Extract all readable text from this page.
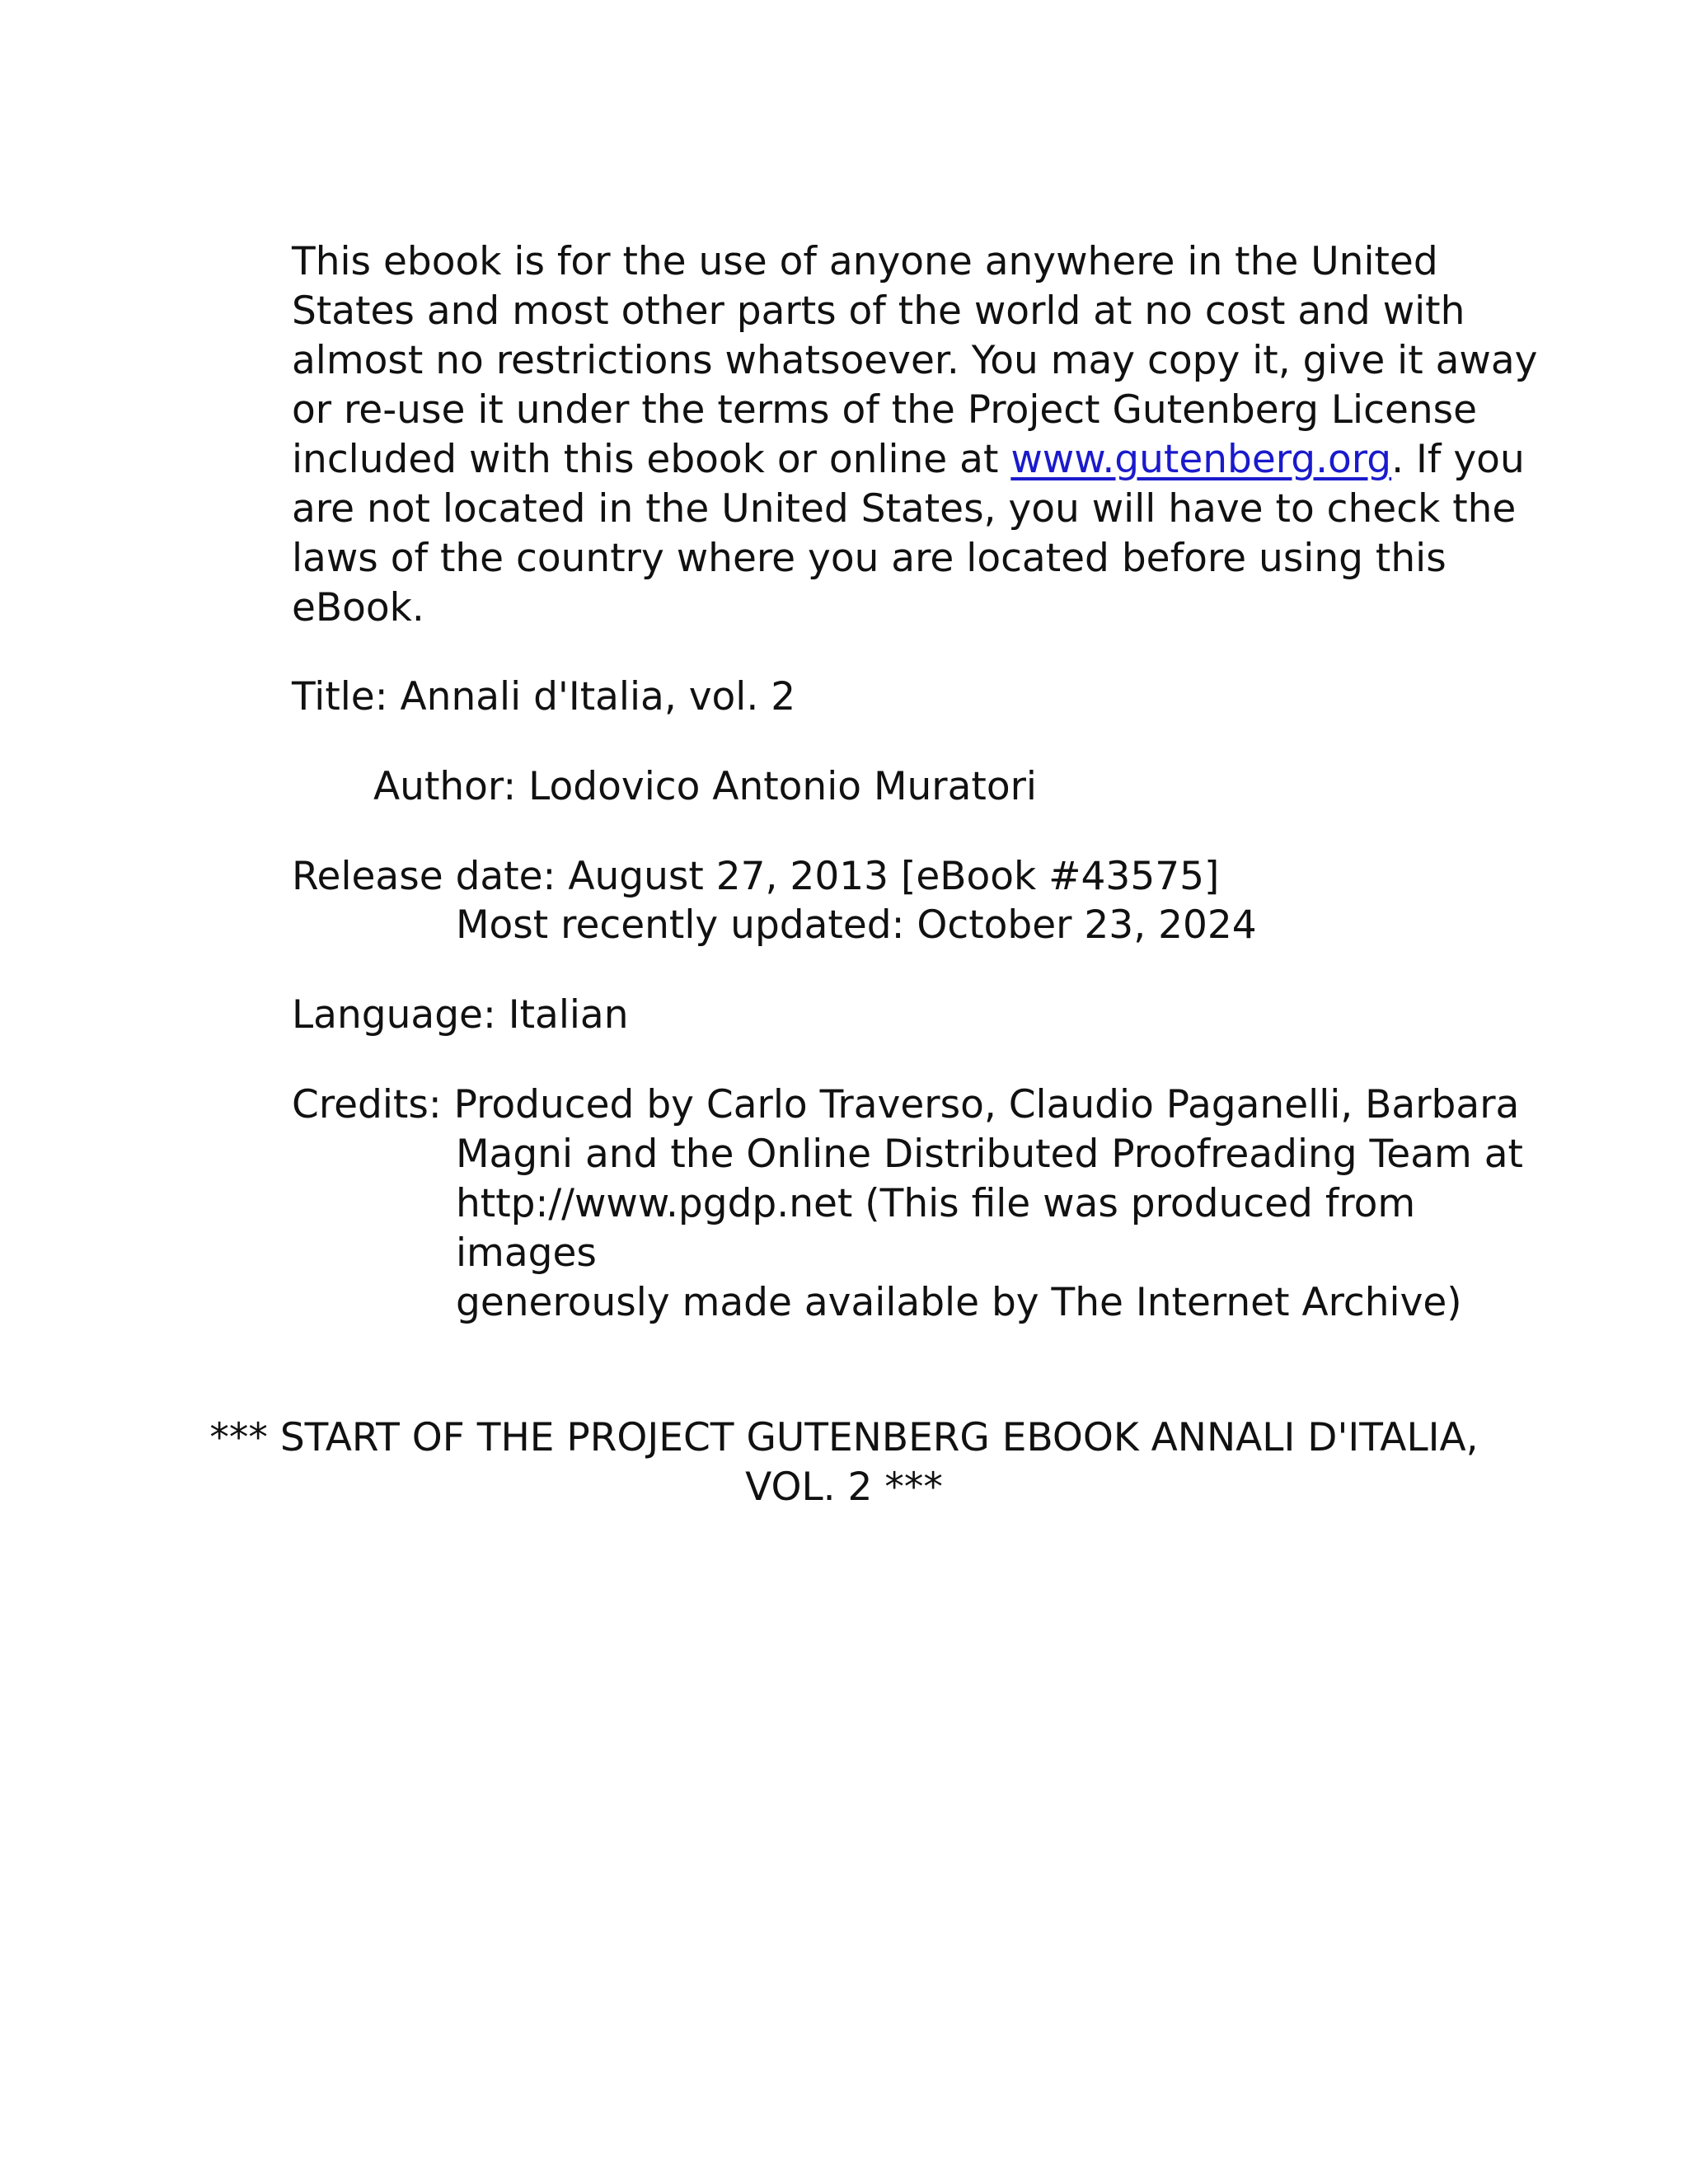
This ebook is for the use of anyone anywhere in the United
States and most other parts of the world at no cost and with
almost no restrictions whatsoever. You may copy it, give it away
or re-use it under the terms of the Project Gutenberg License
included with this ebook or online at www.gutenberg.org. If you
are not located in the United States, you will have to check the
laws of the country where you are located before using this
eBook.
Title: Annali d'Italia, vol. 2
Author: Lodovico Antonio Muratori
Release date: August 27, 2013 [eBook #43575]
Most recently updated: October 23, 2024
Language: Italian
Credits: Produced by Carlo Traverso, Claudio Paganelli, Barbara
Magni and the Online Distributed Proofreading Team at
http://www.pgdp.net (This file was produced from
images
generously made available by The Internet Archive)
*** START OF THE PROJECT GUTENBERG EBOOK ANNALI D'ITALIA,
VOL. 2 ***
